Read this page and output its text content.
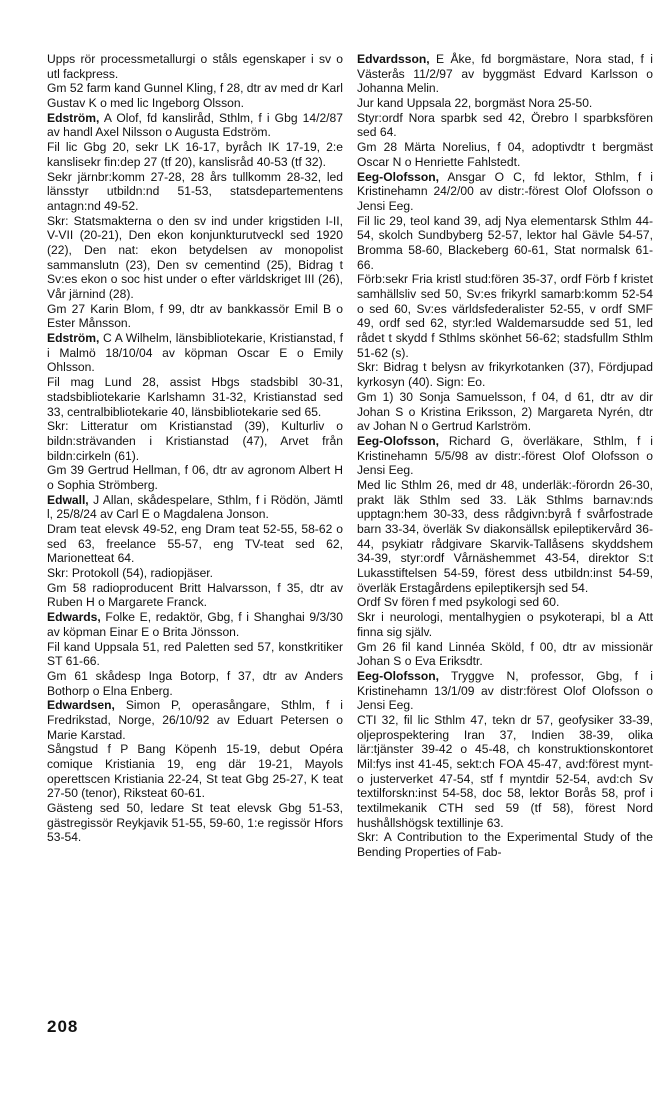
Upps rör processmetallurgi o ståls egenskaper i sv o utl fackpress.

Gm 52 farm kand Gunnel Kling, f 28, dtr av med dr Karl Gustav K o med lic Ingeborg Olsson.

Edström, A Olof, fd kansliråd, Sthlm, f i Gbg 14/2/87 av handl Axel Nilsson o Augusta Edström.

Fil lic Gbg 20, sekr LK 16-17, byråch IK 17-19, 2:e kanslisekr fin:dep 27 (tf 20), kanslisråd 40-53 (tf 32).

Sekr järnbr:komm 27-28, 28 års tullkomm 28-32, led länsstyr utbildn:nd 51-53, statsdepartementens antagn:nd 49-52.

Skr: Statsmakterna o den sv ind under krigstiden I-II, V-VII (20-21), Den ekon konjunkturutveckl sed 1920 (22), Den nat: ekon betydelsen av monopolist sammanslutn (23), Den sv cementind (25), Bidrag t Sv:es ekon o soc hist under o efter världskriget III (26), Vår järnind (28).

Gm 27 Karin Blom, f 99, dtr av bankkassör Emil B o Ester Månsson.

Edström, C A Wilhelm, länsbibliotekarie, Kristianstad, f i Malmö 18/10/04 av köpman Oscar E o Emily Ohlsson.

Fil mag Lund 28, assist Hbgs stadsbibl 30-31, stadsbibliotekarie Karlshamn 31-32, Kristianstad sed 33, centralbibliotekarie 40, länsbibliotekarie sed 65.

Skr: Litteratur om Kristianstad (39), Kulturliv o bildn:strävanden i Kristianstad (47), Arvet från bildn:cirkeln (61).

Gm 39 Gertrud Hellman, f 06, dtr av agronom Albert H o Sophia Strömberg.

Edwall, J Allan, skådespelare, Sthlm, f i Rödön, Jämtl l, 25/8/24 av Carl E o Magdalena Jonson.

Dram teat elevsk 49-52, eng Dram teat 52-55, 58-62 o sed 63, freelance 55-57, eng TV-teat sed 62, Marionetteat 64.

Skr: Protokoll (54), radiopjäser.

Gm 58 radioproducent Britt Halvarsson, f 35, dtr av Ruben H o Margarete Franck.

Edwards, Folke E, redaktör, Gbg, f i Shanghai 9/3/30 av köpman Einar E o Brita Jönsson.

Fil kand Uppsala 51, red Paletten sed 57, konstkritiker ST 61-66.

Gm 61 skådesp Inga Botorp, f 37, dtr av Anders Bothorp o Elna Enberg.

Edwardsen, Simon P, operasångare, Sthlm, f i Fredrikstad, Norge, 26/10/92 av Eduart Petersen o Marie Karstad.

Sångstud f P Bang Köpenh 15-19, debut Opéra comique Kristiania 19, eng där 19-21, Mayols operettscen Kristiania 22-24, St teat Gbg 25-27, K teat 27-50 (tenor), Riksteat 60-61.

Gästeng sed 50, ledare St teat elevsk Gbg 51-53, gästregissör Reykjavik 51-55, 59-60, 1:e regissör Hfors 53-54.

Edvardsson, E Åke, fd borgmästare, Nora stad, f i Västerås 11/2/97 av byggmäst Edvard Karlsson o Johanna Melin.

Jur kand Uppsala 22, borgmäst Nora 25-50.

Styr:ordf Nora sparbk sed 42, Örebro l sparbksfören sed 64.

Gm 28 Märta Norelius, f 04, adoptivdtr t bergmäst Oscar N o Henriette Fahlstedt.

Eeg-Olofsson, Ansgar O C, fd lektor, Sthlm, f i Kristinehamn 24/2/00 av distr:-förest Olof Olofsson o Jensi Eeg.

Fil lic 29, teol kand 39, adj Nya elementarsk Sthlm 44-54, skolch Sundbyberg 52-57, lektor hal Gävle 54-57, Bromma 58-60, Blackeberg 60-61, Stat normalsk 61-66.

Förb:sekr Fria kristl stud:fören 35-37, ordf Förb f kristet samhällsliv sed 50, Sv:es frikyrkl samarb:komm 52-54 o sed 60, Sv:es världsfederalister 52-55, v ordf SMF 49, ordf sed 62, styr:led Waldemarsudde sed 51, led rådet t skydd f Sthlms skönhet 56-62; stadsfullm Sthlm 51-62 (s).

Skr: Bidrag t belysn av frikyrkotanken (37), Fördjupad kyrkosyn (40). Sign: Eo.

Gm 1) 30 Sonja Samuelsson, f 04, d 61, dtr av dir Johan S o Kristina Eriksson, 2) Margareta Nyrén, dtr av Johan N o Gertrud Karlström.

Eeg-Olofsson, Richard G, överläkare, Sthlm, f i Kristinehamn 5/5/98 av distr:-förest Olof Olofsson o Jensi Eeg.

Med lic Sthlm 26, med dr 48, underläk:-förordn 26-30, prakt läk Sthlm sed 33. Läk Sthlms barnav:nds upptagn:hem 30-33, dess rådgivn:byrå f svårfostrade barn 33-34, överläk Sv diakonsällsk epileptikervård 36-44, psykiatr rådgivare Skarvik-Tallåsens skyddshem 34-39, styr:ordf Vårnäshemmet 43-54, direktor S:t Lukasstiftelsen 54-59, förest dess utbildn:inst 54-59, överläk Erstagårdens epileptikersjh sed 54.

Ordf Sv fören f med psykologi sed 60.

Skr i neurologi, mentalhygien o psykoterapi, bl a Att finna sig själv.

Gm 26 fil kand Linnéa Sköld, f 00, dtr av missionär Johan S o Eva Eriksdtr.

Eeg-Olofsson, Tryggve N, professor, Gbg, f i Kristinehamn 13/1/09 av distr:förest Olof Olofsson o Jensi Eeg.

CTI 32, fil lic Sthlm 47, tekn dr 57, geofysiker 33-39, oljeprospektering Iran 37, Indien 38-39, olika lär:tjänster 39-42 o 45-48, ch konstruktionskontoret Mil:fys inst 41-45, sekt:ch FOA 45-47, avd:förest mynt- o justerverket 47-54, stf f myntdir 52-54, avd:ch Sv textilforskn:inst 54-58, doc 58, lektor Borås 58, prof i textilmekanik CTH sed 59 (tf 58), förest Nord hushållshögsk textillinje 63.

Skr: A Contribution to the Experimental Study of the Bending Properties of Fab-

208
